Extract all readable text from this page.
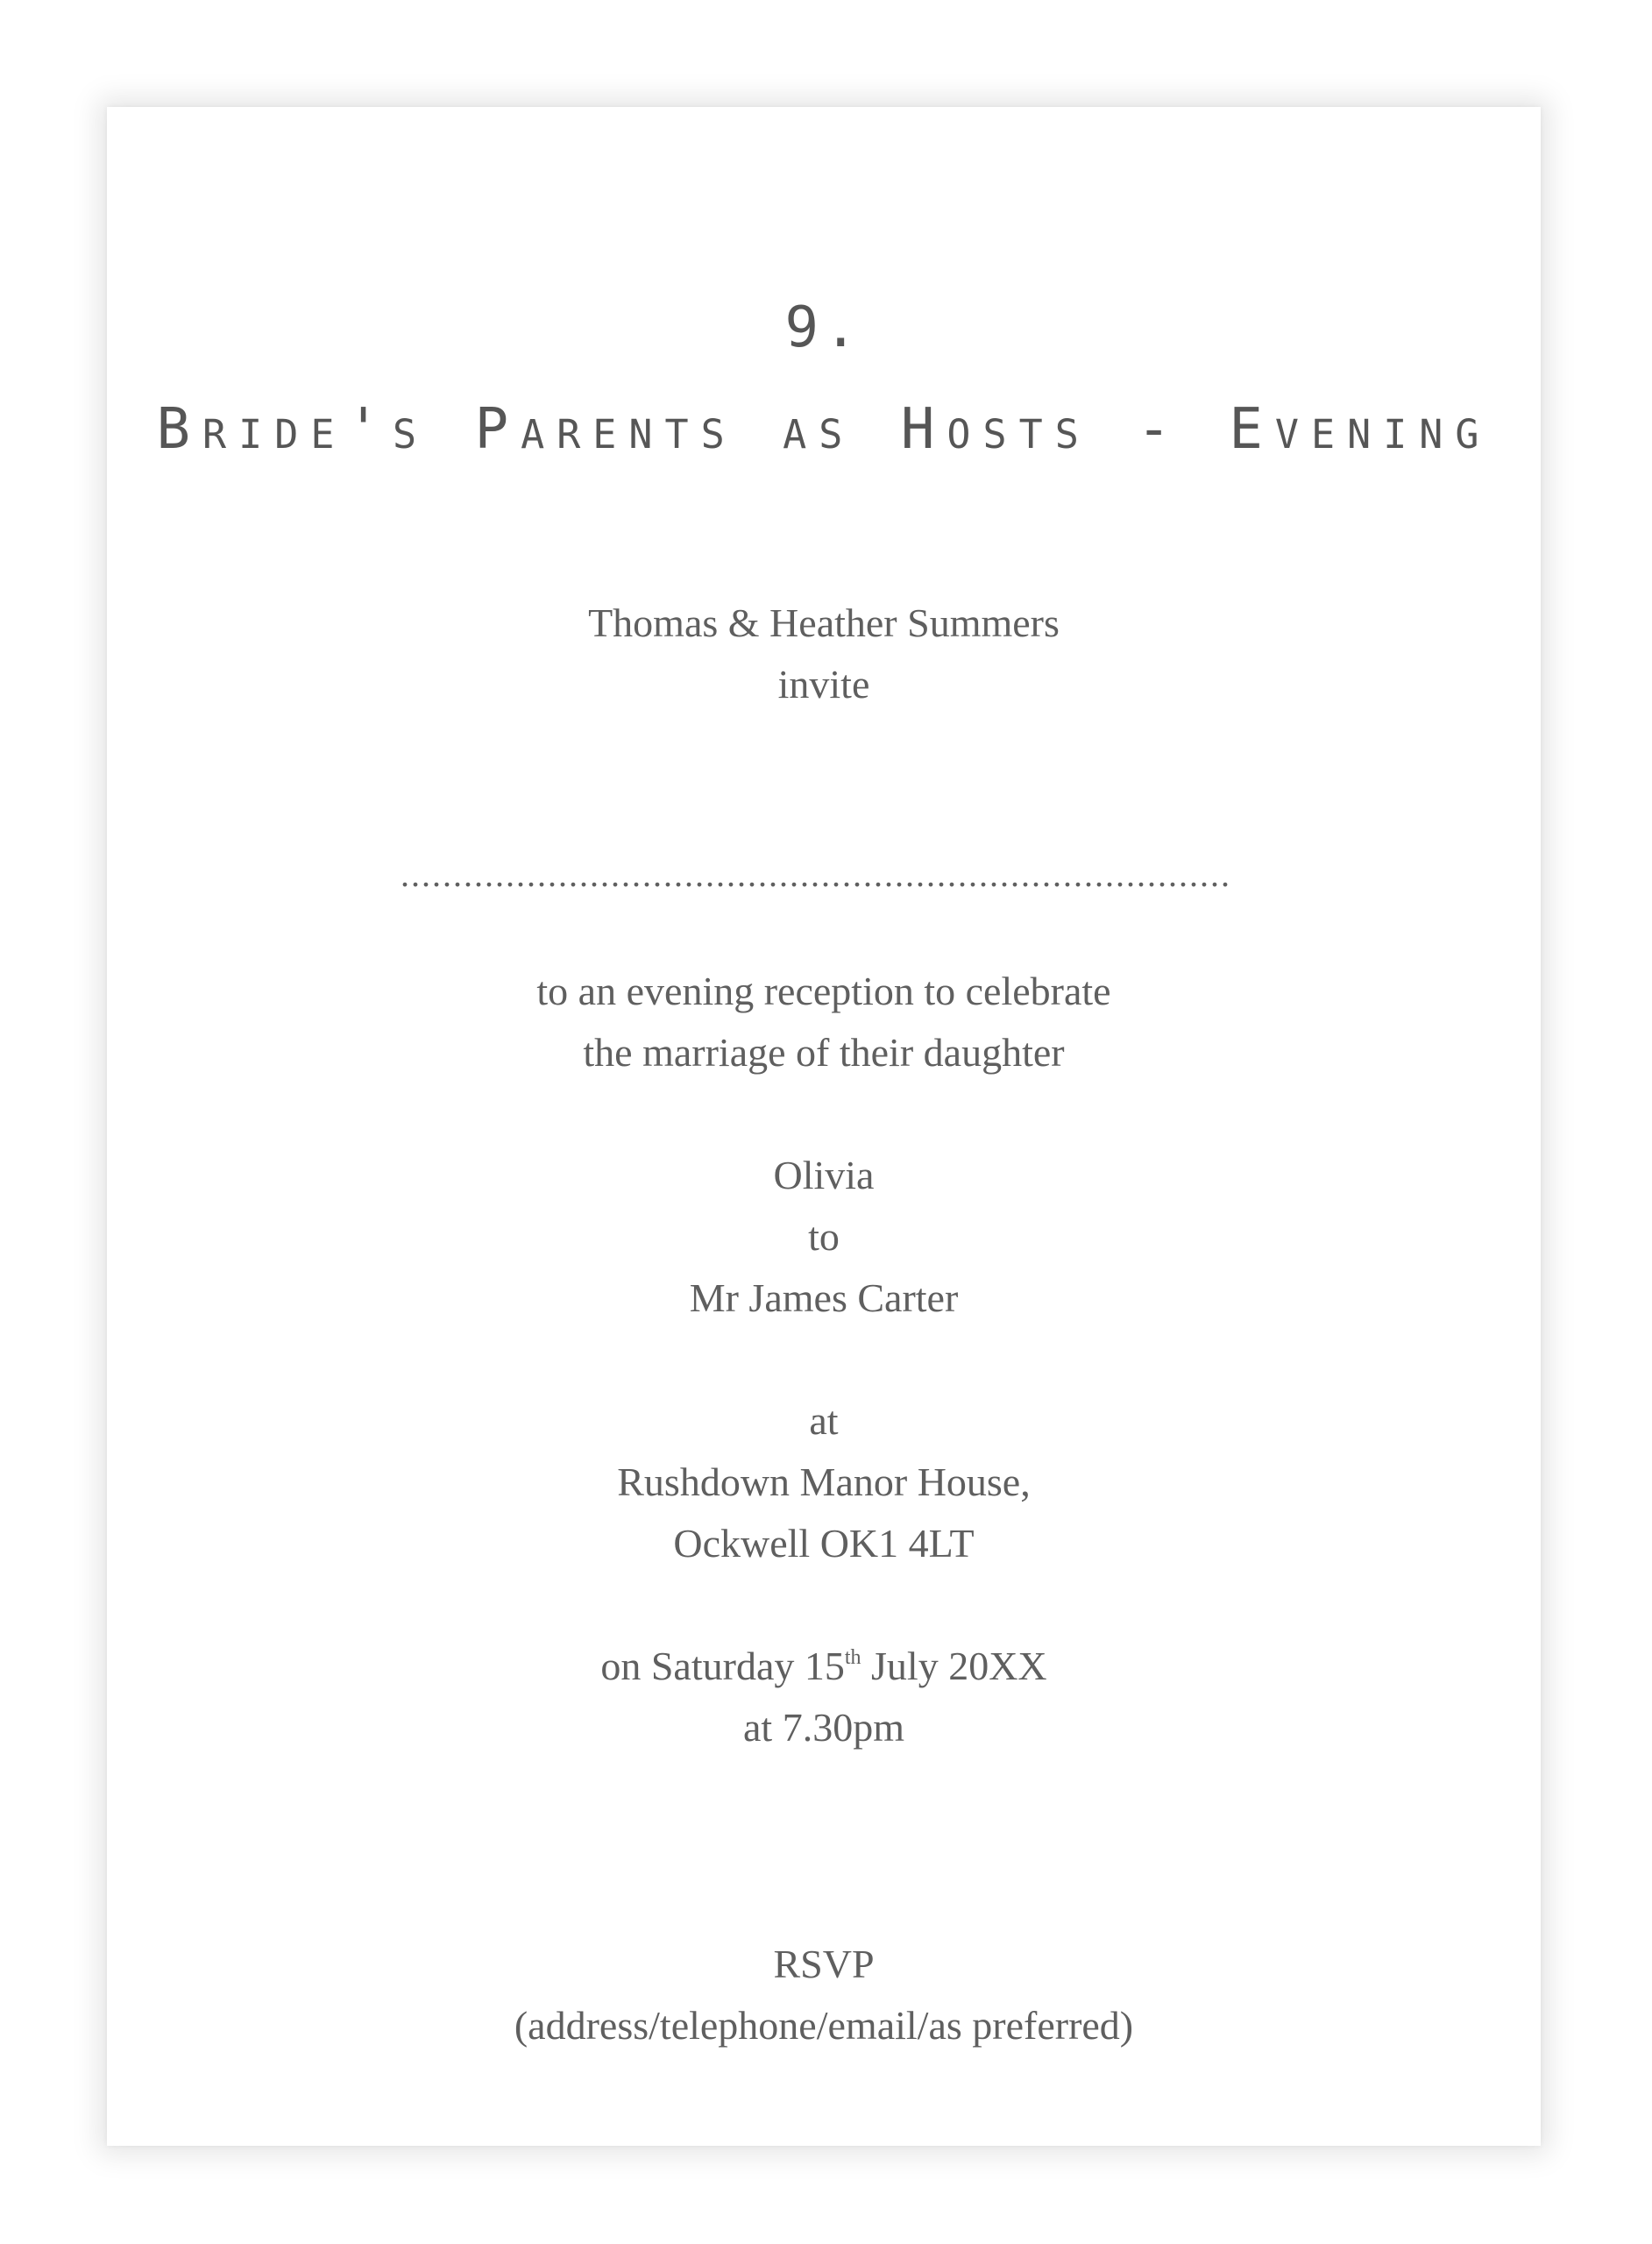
9.
Bride's Parents as Hosts - Evening
Thomas & Heather Summers
invite
...............................................................................
to an evening reception to celebrate
the marriage of their daughter
Olivia
to
Mr James Carter
at
Rushdown Manor House,
Ockwell OK1 4LT
on Saturday 15th July 20XX
at 7.30pm
RSVP
(address/telephone/email/as preferred)
